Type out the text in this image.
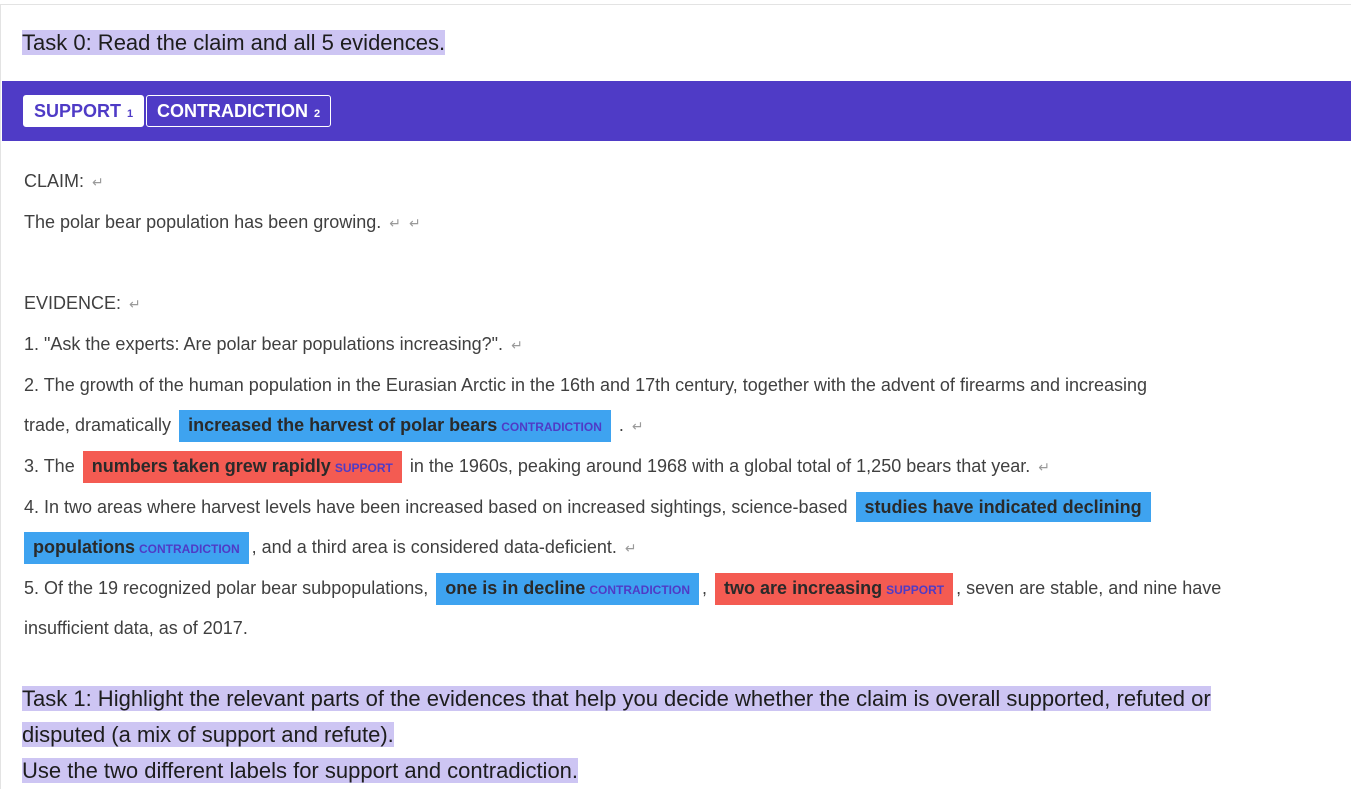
Task 0: Read the claim and all 5 evidences.
SUPPORT 1	CONTRADICTION 2
CLAIM: ↵
The polar bear population has been growing. ↵ ↵
EVIDENCE: ↵
1. "Ask the experts: Are polar bear populations increasing?". ↵
2. The growth of the human population in the Eurasian Arctic in the 16th and 17th century, together with the advent of firearms and increasing
trade, dramatically increased the harvest of polar bears CONTRADICTION . ↵
3. The numbers taken grew rapidly SUPPORT in the 1960s, peaking around 1968 with a global total of 1,250 bears that year. ↵
4. In two areas where harvest levels have been increased based on increased sightings, science-based studies have indicated declining
populations CONTRADICTION , and a third area is considered data-deficient. ↵
5. Of the 19 recognized polar bear subpopulations, one is in decline CONTRADICTION , two are increasing SUPPORT , seven are stable, and nine have
insufficient data, as of 2017.
Task 1: Highlight the relevant parts of the evidences that help you decide whether the claim is overall supported, refuted or
disputed (a mix of support and refute).
Use the two different labels for support and contradiction.
